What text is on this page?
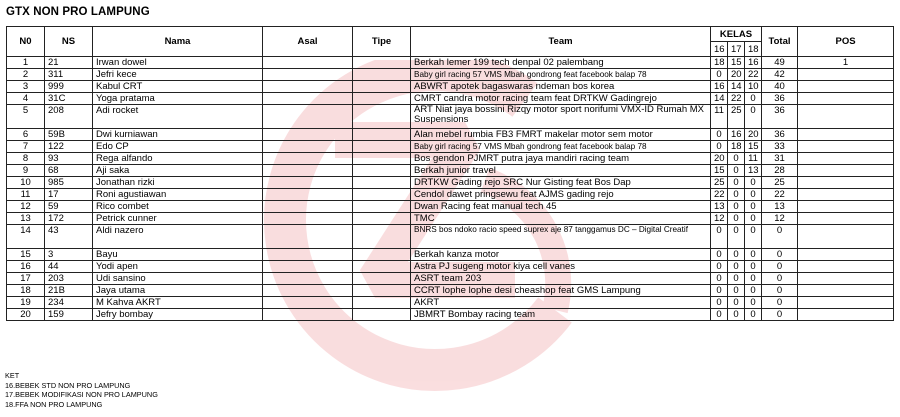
GTX NON PRO LAMPUNG
N0	NS	Nama	Asal	Tipe	Team	KELAS			Total	POS
						16	17	18		
1	21	Irwan dowel			Berkah lemer 199 tech denpal 02 palembang	18	15	16	49	1
2	311	Jefri kece			Baby girl racing 57 VMS Mbah gondrong feat facebook balap 78	0	20	22	42	
3	999	Kabul CRT			ABWRT apotek bagaswaras ndeman bos korea	16	14	10	40	
4	31C	Yoga pratama			CMRT candra motor racing team feat DRTKW Gadingrejo	14	22	0	36	
5	208	Adi rocket			ART Niat jaya bossini Rizqy motor sport norifumi VMX-ID Rumah MX Suspensions	11	25	0	36	
6	59B	Dwi kurniawan			Alan mebel rumbia FB3 FMRT makelar motor sem motor	0	16	20	36	
7	122	Edo CP			Baby girl racing 57 VMS Mbah gondrong feat facebook balap 78	0	18	15	33	
8	93	Rega alfando			Bos gendon PJMRT putra jaya mandiri racing team	20	0	11	31	
9	68	Aji saka			Berkah junior travel	15	0	13	28	
10	985	Jonathan rizki			DRTKW Gading rejo SRC Nur Gisting feat Bos Dap	25	0	0	25	
11	17	Roni agustiawan			Cendol dawet pringsewu feat AJMS gading rejo	22	0	0	22	
12	59	Rico combet			Dwan Racing feat manual tech 45	13	0	0	13	
13	172	Petrick cunner			TMC	12	0	0	12	
14	43	Aldi nazero			BNRS bos ndoko racio speed suprex aje 87 tanggamus DC – Digital Creatif	0	0	0	0	
15	3	Bayu			Berkah kanza motor	0	0	0	0	
16	44	Yodi apen			Astra PJ sugeng motor kiya cell vanes	0	0	0	0	
17	203	Udi sansino			ASRT team 203	0	0	0	0	
18	21B	Jaya utama			CCRT lophe lophe desi cheashop feat GMS Lampung	0	0	0	0	
19	234	M Kahva AKRT			AKRT	0	0	0	0	
20	159	Jefry bombay			JBMRT Bombay racing team	0	0	0	0	
KET
16.BEBEK STD NON PRO LAMPUNG
17.BEBEK MODIFIKASI NON PRO LAMPUNG
18.FFA NON PRO LAMPUNG
